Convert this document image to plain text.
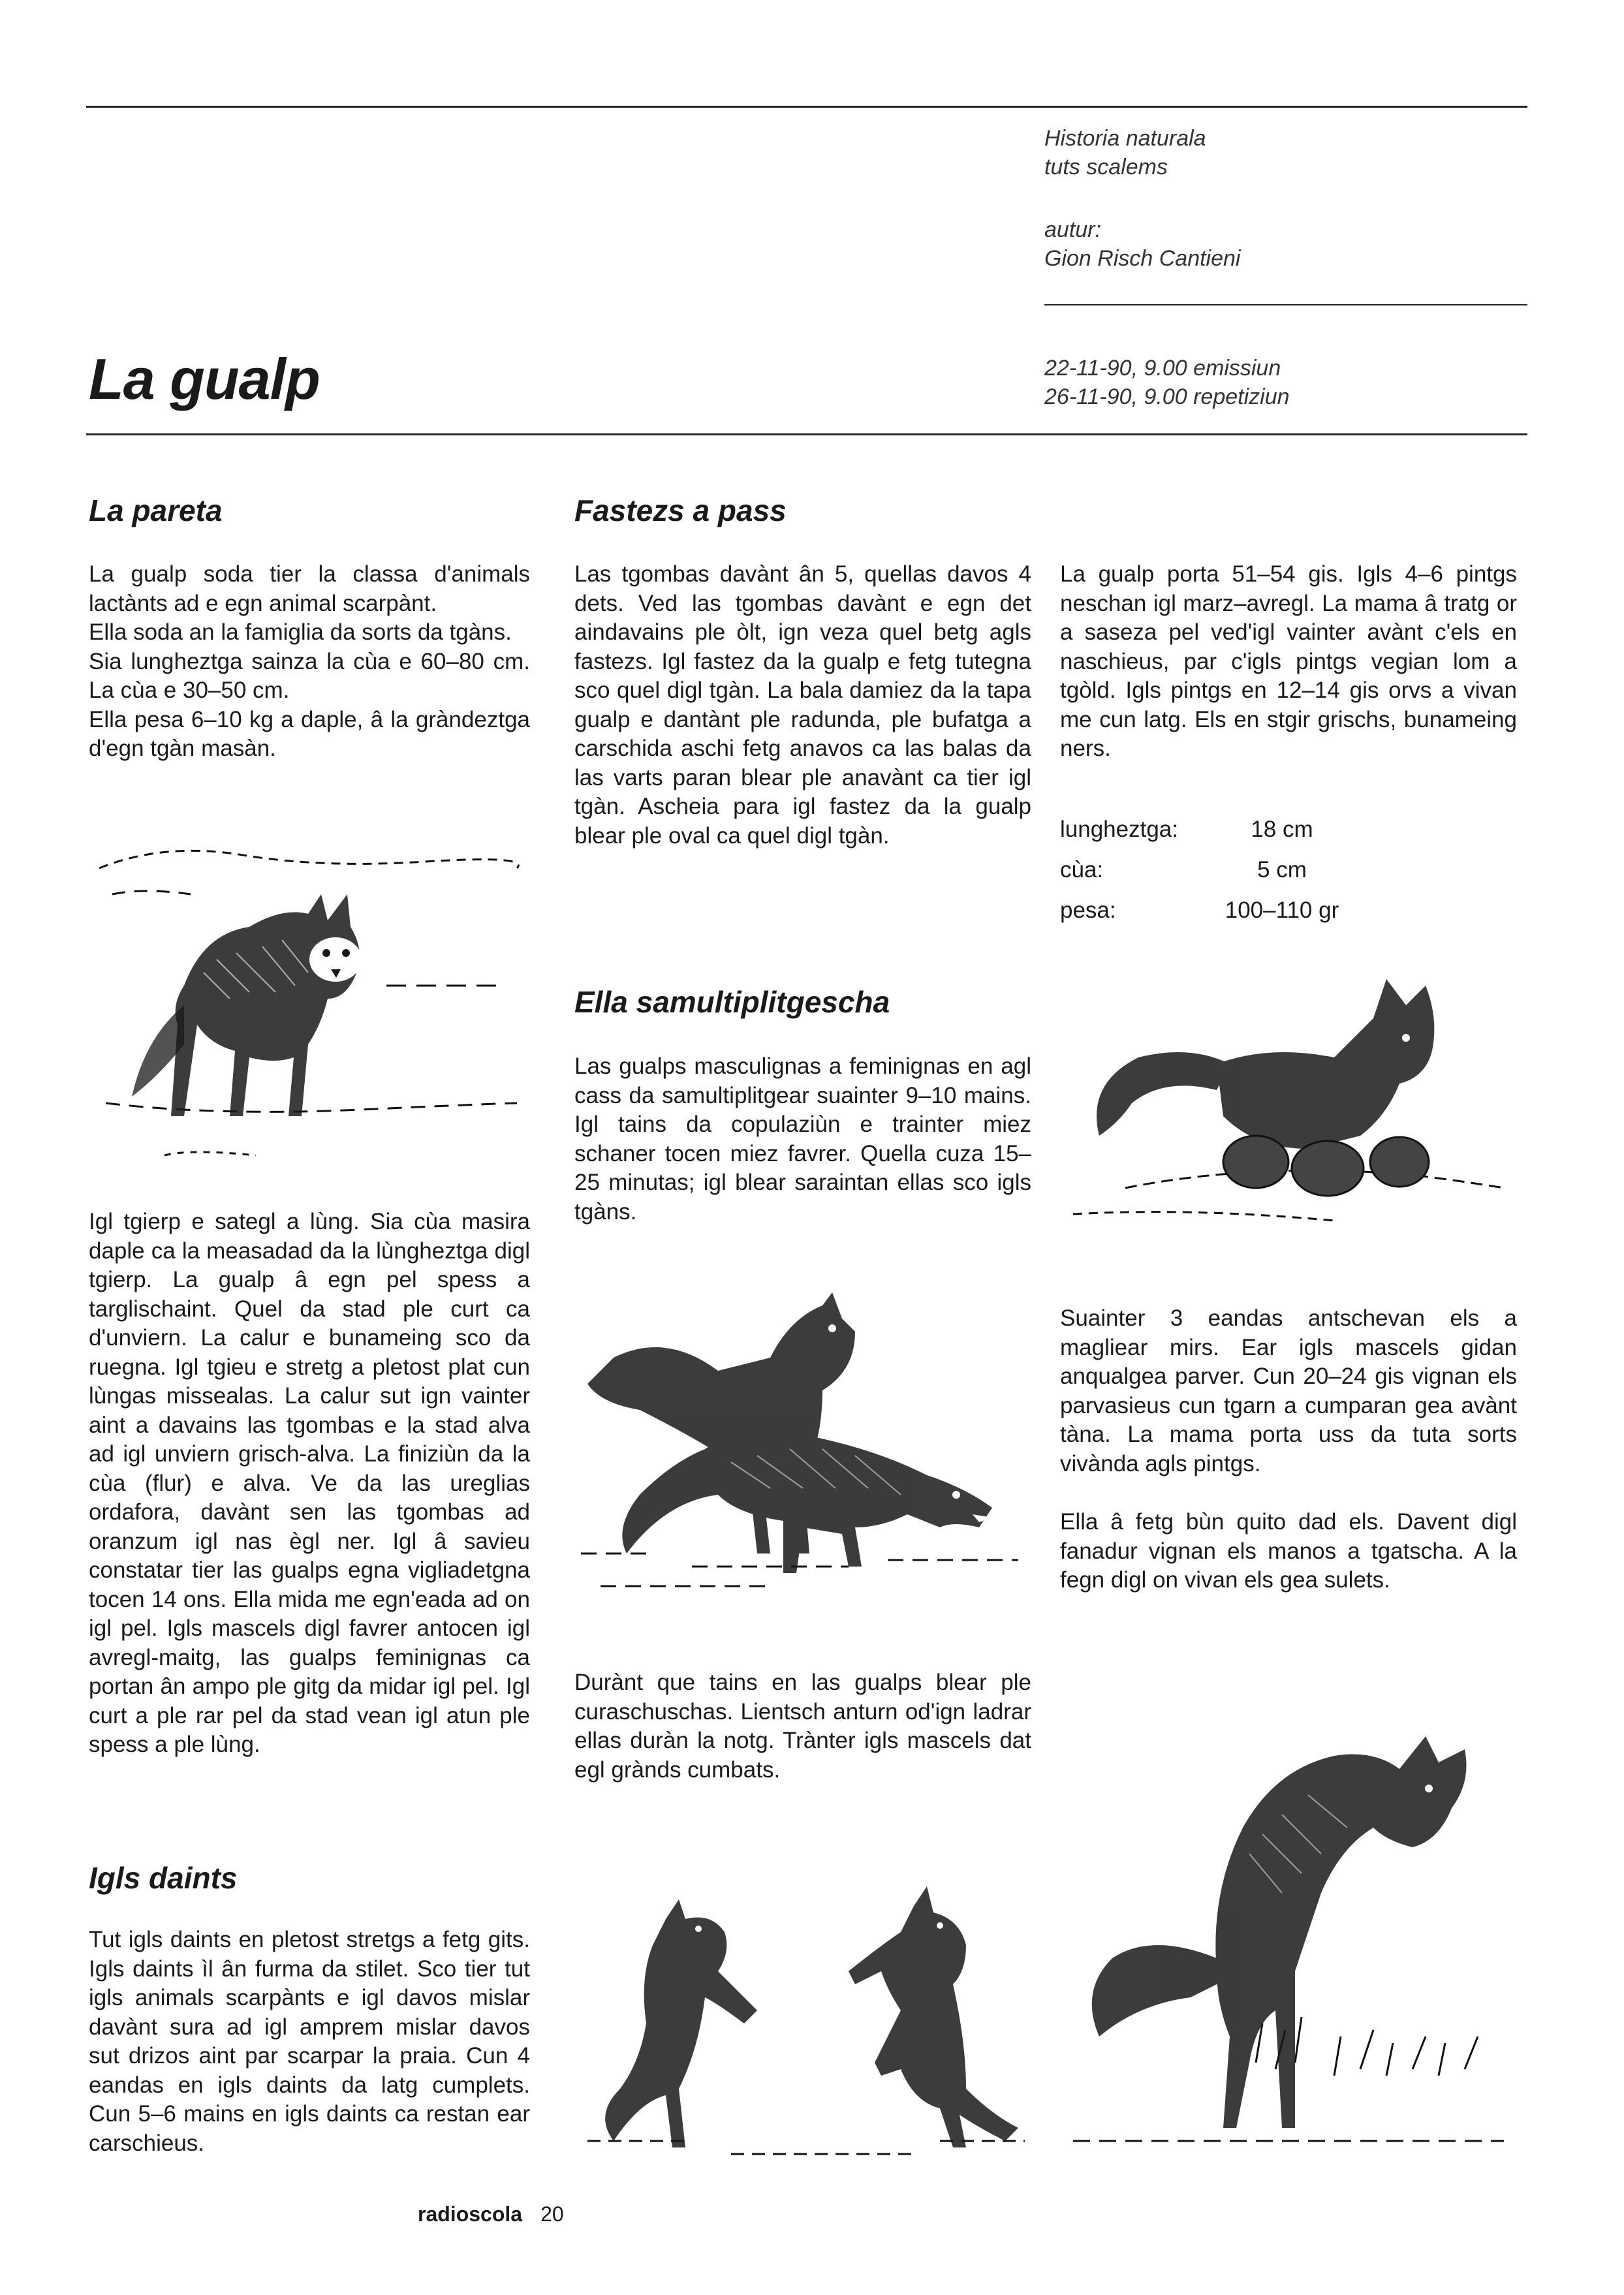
Historia naturala
tuts scalems
autur:
Gion Risch Cantieni
22-11-90, 9.00 emissiun
26-11-90, 9.00 repetiziun
La gualp
La pareta

La gualp soda tier la classa d'animals lactànts ad e egn animal scarpànt.

Ella soda an la famiglia da sorts da tgàns.

Sia lungheztga sainza la cùa e 60–80 cm. La cùa e 30–50 cm.

Ella pesa 6–10 kg a daple, â la gràndeztga d'egn tgàn masàn.

Igl tgierp e sategl a lùng. Sia cùa masira daple ca la measadad da la lùngheztga digl tgierp. La gualp â egn pel spess a targlischaint. Quel da stad ple curt ca d'unviern. La calur e bunameing sco da ruegna. Igl tgieu e stretg a pletost plat cun lùngas missealas. La calur sut ign vainter aint a davains las tgombas e la stad alva ad igl unviern grisch-alva. La finiziùn da la cùa (flur) e alva. Ve da las ureglias ordafora, davànt sen las tgombas ad oranzum igl nas ègl ner. Igl â savieu constatar tier las gualps egna vigliadetgna tocen 14 ons. Ella mida me egn'eada ad on igl pel. Igls mascels digl favrer antocen igl avregl-maitg, las gualps feminignas ca portan ân ampo ple gitg da midar igl pel. Igl curt a ple rar pel da stad vean igl atun ple spess a ple lùng.
Igls daints
Tut igls daints en pletost stretgs a fetg gits. Igls daints ìl ân furma da stilet. Sco tier tut igls animals scarpànts e igl davos mislar davànt sura ad igl amprem mislar davos sut drizos aint par scarpar la praia. Cun 4 eandas en igls daints da latg cumplets. Cun 5–6 mains en igls daints ca restan ear carschieus.
Fastezs a pass
Las tgombas davànt ân 5, quellas davos 4 dets. Ved las tgombas davànt e egn det aindavains ple òlt, ign veza quel betg agls fastezs. Igl fastez da la gualp e fetg tutegna sco quel digl tgàn. La bala damiez da la tapa gualp e dantànt ple radunda, ple bufatga a carschida aschi fetg anavos ca las balas da las varts paran blear ple anavànt ca tier igl tgàn. Ascheia para igl fastez da la gualp blear ple oval ca quel digl tgàn.
Ella samultiplitgescha
Las gualps masculignas a feminignas en agl cass da samultiplitgear suainter 9–10 mains. Igl tains da copulaziùn e trainter miez schaner tocen miez favrer. Quella cuza 15–25 minutas; igl blear saraintan ellas sco igls tgàns.
Durànt que tains en las gualps blear ple curaschuschas. Lientsch anturn od'ign ladrar ellas duràn la notg. Trànter igls mascels dat egl grànds cumbats.
La gualp porta 51–54 gis. Igls 4–6 pintgs neschan igl marz–avregl. La mama â tratg or a saseza pel ved'igl vainter avànt c'els en naschieus, par c'igls pintgs vegian lom a tgòld. Igls pintgs en 12–14 gis orvs a vivan me cun latg. Els en stgir grischs, bunameing ners.
lungheztga:	18 cm
cùa:	5 cm
pesa:	100–110 gr
Suainter 3 eandas antschevan els a magliear mirs. Ear igls mascels gidan anqualgea parver. Cun 20–24 gis vignan els parvasieus cun tgarn a cumparan gea avànt tàna. La mama porta uss da tuta sorts vivànda agls pintgs.
Ella â fetg bùn quito dad els. Davent digl fanadur vignan els manos a tgatscha. A la fegn digl on vivan els gea sulets.
radioscola 20
